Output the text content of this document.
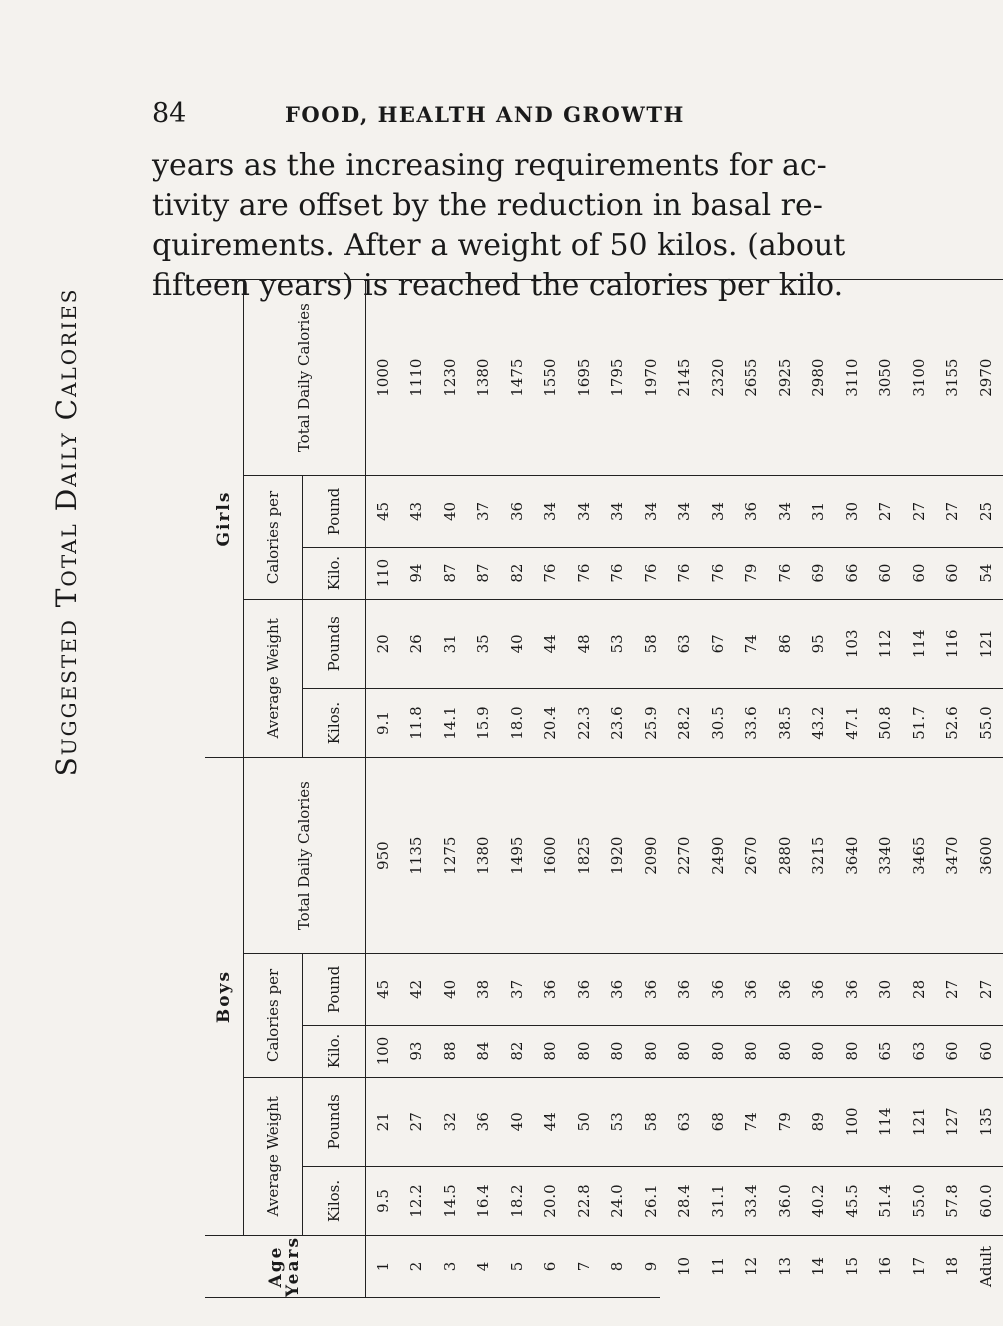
84	FOOD, HEALTH AND GROWTH
years as the increasing requirements for ac-
tivity are offset by the reduction in basal re-
quirements. After a weight of 50 kilos. (about
fifteen years) is reached the calories per kilo.
Suggested Total Daily Calories
Age Years	Boys					Girls				
	Average Weight		Calories per		Total Daily Calories	Average Weight		Calories per		Total Daily Calories
	Kilos.	Pounds	Kilo.	Pound		Kilos.	Pounds	Kilo.	Pound	
1	9.5	21	100	45	950	9.1	20	110	45	1000
2	12.2	27	93	42	1135	11.8	26	94	43	1110
3	14.5	32	88	40	1275	14.1	31	87	40	1230
4	16.4	36	84	38	1380	15.9	35	87	37	1380
5	18.2	40	82	37	1495	18.0	40	82	36	1475
6	20.0	44	80	36	1600	20.4	44	76	34	1550
7	22.8	50	80	36	1825	22.3	48	76	34	1695
8	24.0	53	80	36	1920	23.6	53	76	34	1795
9	26.1	58	80	36	2090	25.9	58	76	34	1970
10	28.4	63	80	36	2270	28.2	63	76	34	2145
11	31.1	68	80	36	2490	30.5	67	76	34	2320
12	33.4	74	80	36	2670	33.6	74	79	36	2655
13	36.0	79	80	36	2880	38.5	86	76	34	2925
14	40.2	89	80	36	3215	43.2	95	69	31	2980
15	45.5	100	80	36	3640	47.1	103	66	30	3110
16	51.4	114	65	30	3340	50.8	112	60	27	3050
17	55.0	121	63	28	3465	51.7	114	60	27	3100
18	57.8	127	60	27	3470	52.6	116	60	27	3155
Adult	60.0	135	60	27	3600	55.0	121	54	25	2970
